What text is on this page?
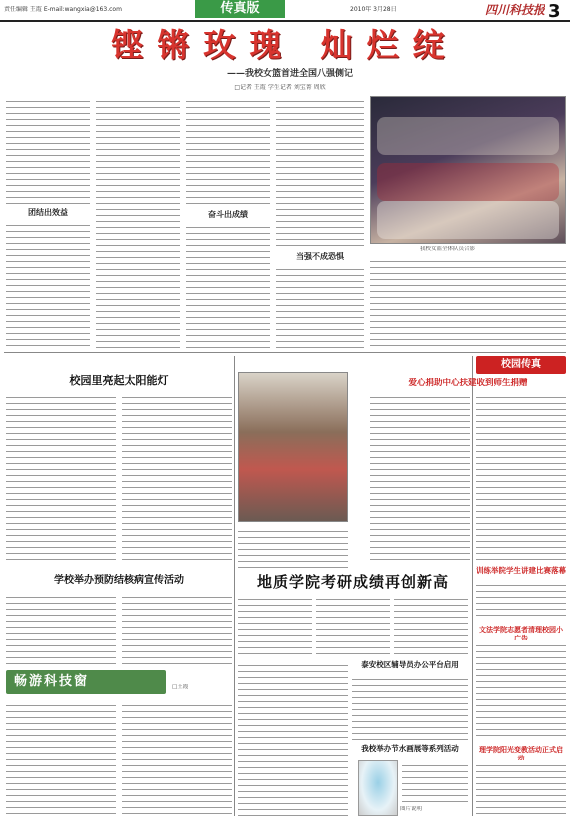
责任编辑 王霞 E-mail:wangxia@163.com	传真版	2010年 3月28日	四川科技报 3
铿锵玫瑰 灿烂绽
——我校女篮首进全国八强侧记
□记者 王霞 学生记者 刘宝菁 周欣
团结出效益	奋斗出成绩
当强不成恐惧
我校女篮全体队员合影
校园里亮起太阳能灯
学校举办预防结核病宣传活动
畅游科技窗	□王霞
地质学院考研成绩再创新高
泰安校区辅导员办公平台启用
我校举办节水画展等系列活动
图片说明
校园传真
爱心捐助中心扶建收到师生捐赠
训练举院学生讲建比赛落幕
文法学院志愿者清理校园小
理学院阳光变教活动正式启
